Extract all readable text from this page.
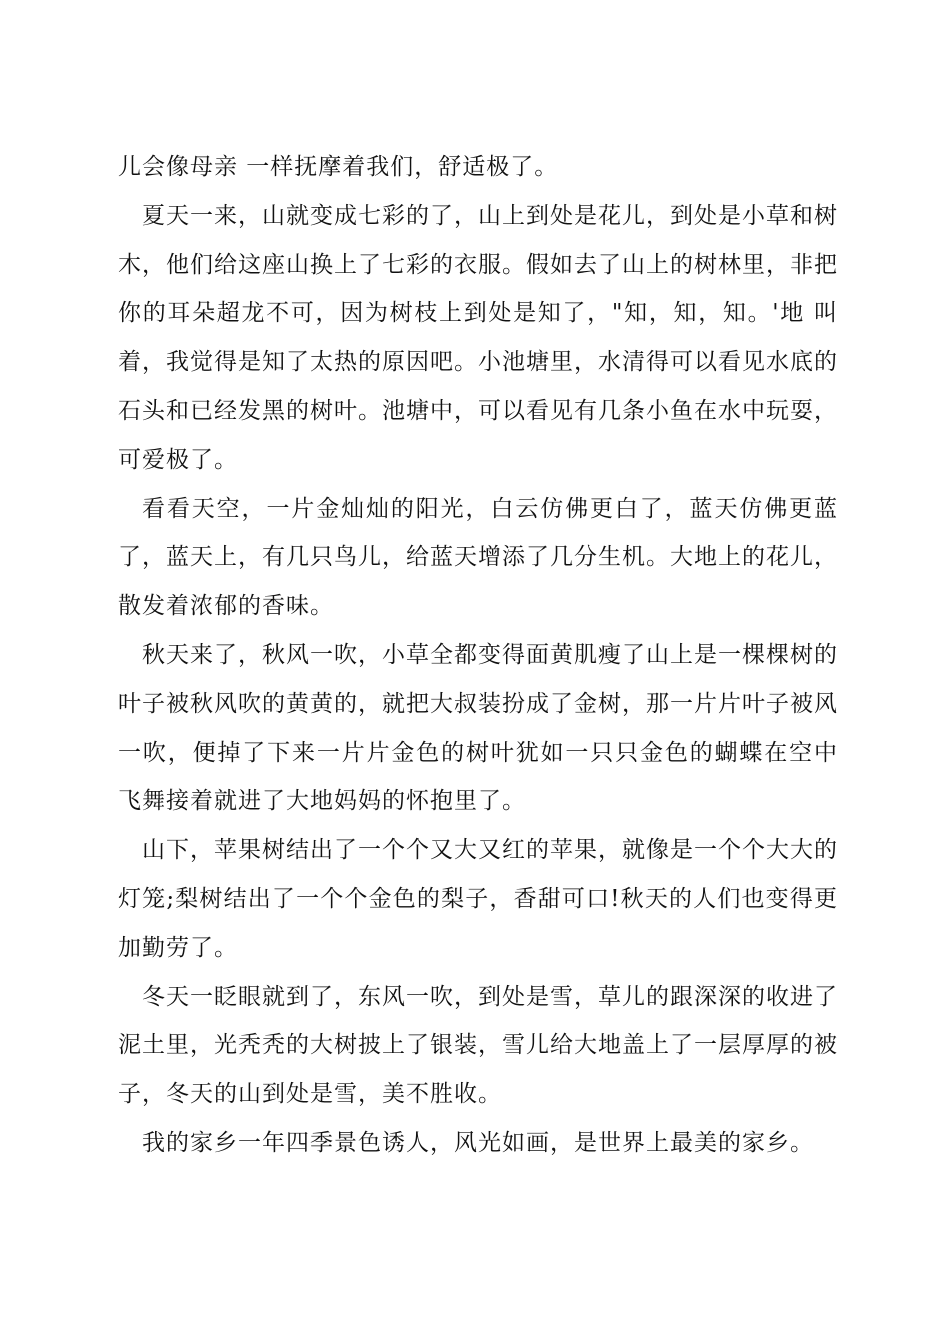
儿会像母亲 一样抚摩着我们，舒适极了。

夏天一来，山就变成七彩的了，山上到处是花儿，到处是小草和树木，他们给这座山换上了七彩的衣服。假如去了山上的树林里，非把你的耳朵超龙不可，因为树枝上到处是知了，"知，知，知。'地 叫着，我觉得是知了太热的原因吧。小池塘里，水清得可以看见水底的石头和已经发黑的树叶。池塘中，可以看见有几条小鱼在水中玩耍，可爱极了。

看看天空，一片金灿灿的阳光，白云仿佛更白了，蓝天仿佛更蓝了，蓝天上，有几只鸟儿，给蓝天增添了几分生机。大地上的花儿，散发着浓郁的香味。

秋天来了，秋风一吹，小草全都变得面黄肌瘦了山上是一棵棵树的叶子被秋风吹的黄黄的，就把大叔装扮成了金树，那一片片叶子被风一吹，便掉了下来一片片金色的树叶犹如一只只金色的蝴蝶在空中 飞舞接着就进了大地妈妈的怀抱里了。

山下，苹果树结出了一个个又大又红的苹果，就像是一个个大大的灯笼;梨树结出了一个个金色的梨子，香甜可口!秋天的人们也变得更加勤劳了。

冬天一眨眼就到了，东风一吹，到处是雪，草儿的跟深深的收进了泥土里，光秃秃的大树披上了银装，雪儿给大地盖上了一层厚厚的被子，冬天的山到处是雪，美不胜收。

我的家乡一年四季景色诱人，风光如画，是世界上最美的家乡。
